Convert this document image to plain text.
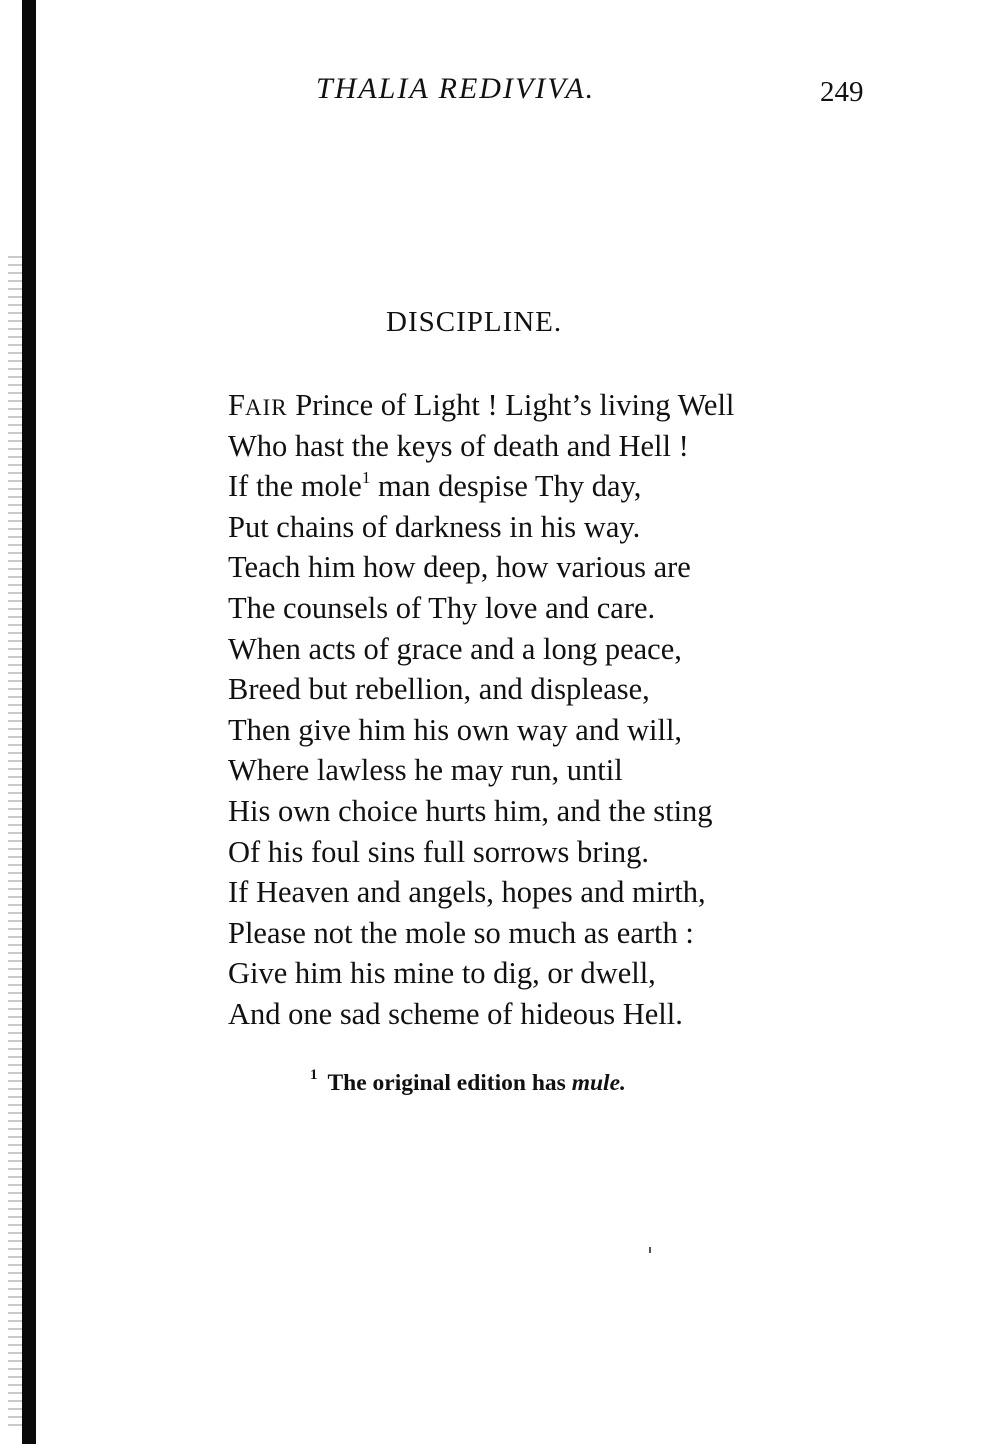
THALIA REDIVIVA.	249
DISCIPLINE.
FAIR Prince of Light ! Light’s living Well
Who hast the keys of death and Hell !
If the mole$^1$ man despise Thy day,
Put chains of darkness in his way.
Teach him how deep, how various are
The counsels of Thy love and care.
When acts of grace and a long peace,
Breed but rebellion, and displease,
Then give him his own way and will,
Where lawless he may run, until
His own choice hurts him, and the sting
Of his foul sins full sorrows bring.
If Heaven and angels, hopes and mirth,
Please not the mole so much as earth :
Give him his mine to dig, or dwell,
And one sad scheme of hideous Hell.
$^1$ The original edition has mule.
